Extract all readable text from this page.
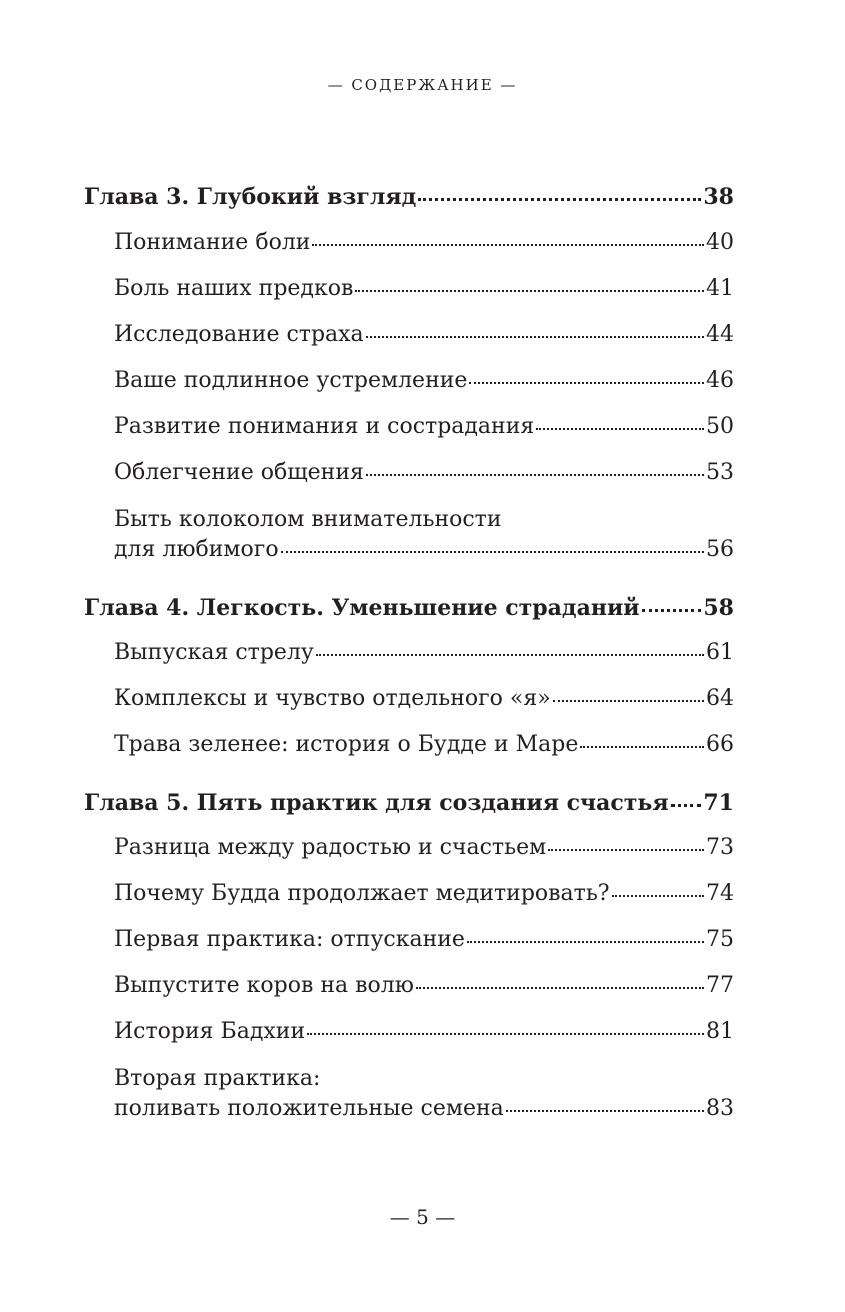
— СОДЕРЖАНИЕ —
Глава 3. Глубокий взгляд	38
Понимание боли	40
Боль наших предков	41
Исследование страха	44
Ваше подлинное устремление	46
Развитие понимания и сострадания	50
Облегчение общения	53
Быть колоколом внимательности
для любимого	56
Глава 4. Легкость. Уменьшение страданий	58
Выпуская стрелу	61
Комплексы и чувство отдельного «я»	64
Трава зеленее: история о Будде и Маре	66
Глава 5. Пять практик для создания счастья 71
Разница между радостью и счастьем	73
Почему Будда продолжает медитировать?	74
Первая практика: отпускание	75
Выпустите коров на волю	77
История Бадхии	81
Вторая практика:
поливать положительные семена	83
— 5 —
